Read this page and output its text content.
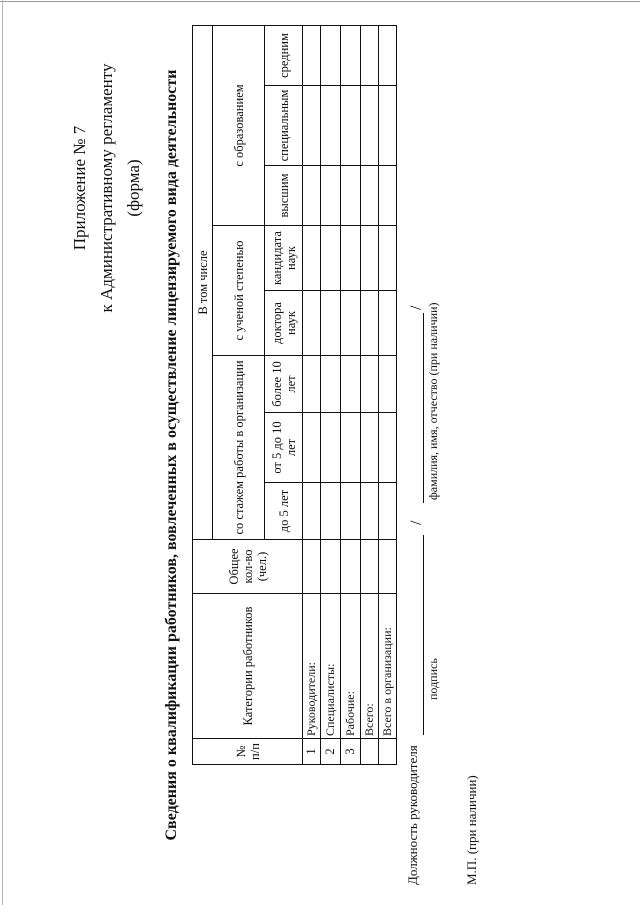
Приложение № 7 к Административному регламенту (форма) Сведения о квалификации работников, вовлеченных в осуществление лицензируемого вида деятельности	№ п/п	Категории работников	Общее кол-во (чел.)	В том числе							
			со стажем работы в организации			с ученой степенью		с образованием		
			до 5 лет	от 5 до 10 лет	более 10 лет	доктора наук	кандидата наук	высшим	специальным	средним
1	Руководители:									
2	Специалисты:									
3	Рабочие:									
	Всего:									
	Всего в организации:									
Должность руководителя
/
/
подпись
фамилия, имя, отчество (при наличии)
М.П. (при наличии)
